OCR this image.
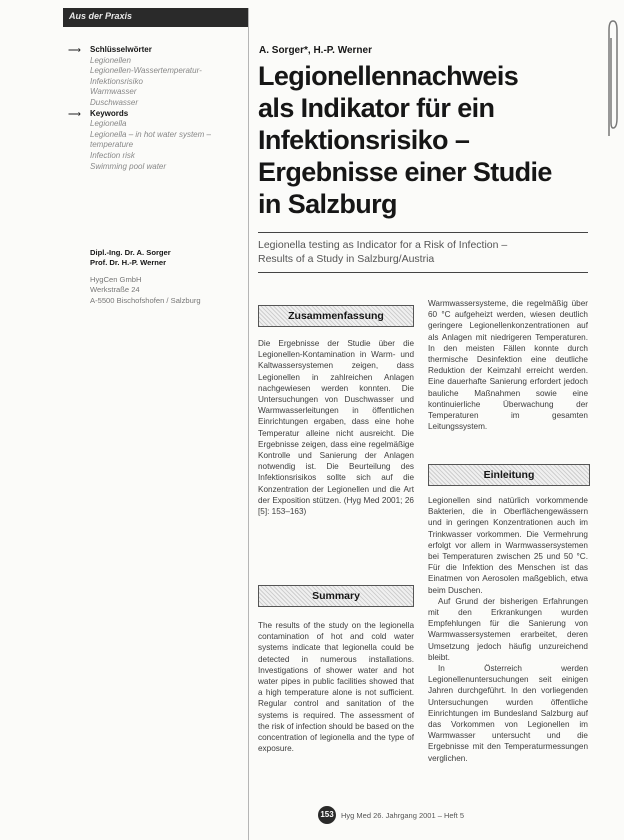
Aus der Praxis
⟶	Schlüsselwörter
Legionellen
Legionellen-Wassertemperatur-Infektionsrisiko
Warmwasser
Duschwasser
⟶	Keywords
Legionella
Legionella – in hot water system – temperature
Infection risk
Swimming pool water
Dipl.-Ing. Dr. A. Sorger
Prof. Dr. H.-P. Werner
HygCen GmbH
Werkstraße 24
A-5500 Bischofshofen / Salzburg
A. Sorger*, H.-P. Werner
Legionellennachweis
als Indikator für ein
Infektionsrisiko –
Ergebnisse einer Studie
in Salzburg
Legionella testing as Indicator for a Risk of Infection –
Results of a Study in Salzburg/Austria
Zusammenfassung

Die Ergebnisse der Studie über die Legionellen-Kontamination in Warm- und Kaltwassersystemen zeigen, dass Legionellen in zahlreichen Anlagen nachgewiesen werden konnten. Die Untersuchungen von Duschwasser und Warmwasserleitungen in öffentlichen Einrichtungen ergaben, dass eine hohe Temperatur alleine nicht ausreicht. Die Ergebnisse zeigen, dass eine regelmäßige Kontrolle und Sanierung der Anlagen notwendig ist. Die Beurteilung des Infektionsrisikos sollte sich auf die Konzentration der Legionellen und die Art der Exposition stützen. (Hyg Med 2001; 26 [5]: 153–163)

Summary

The results of the study on the legionella contamination of hot and cold water systems indicate that legionella could be detected in numerous installations. Investigations of shower water and hot water pipes in public facilities showed that a high temperature alone is not sufficient. Regular control and sanitation of the systems is required. The assessment of the risk of infection should be based on the concentration of legionella and the type of exposure.

Warmwassersysteme, die regelmäßig über 60 °C aufgeheizt werden, wiesen deutlich geringere Legionellenkonzentrationen auf als Anlagen mit niedrigeren Temperaturen. In den meisten Fällen konnte durch thermische Desinfektion eine deutliche Reduktion der Keimzahl erreicht werden. Eine dauerhafte Sanierung erfordert jedoch bauliche Maßnahmen sowie eine kontinuierliche Überwachung der Temperaturen im gesamten Leitungssystem.

Einleitung

Legionellen sind natürlich vorkommende Bakterien, die in Oberflächengewässern und in geringen Konzentrationen auch im Trinkwasser vorkommen. Die Vermehrung erfolgt vor allem in Warmwassersystemen bei Temperaturen zwischen 25 und 50 °C. Für die Infektion des Menschen ist das Einatmen von Aerosolen maßgeblich, etwa beim Duschen.

Auf Grund der bisherigen Erfahrungen mit den Erkrankungen wurden Empfehlungen für die Sanierung von Warmwassersystemen erarbeitet, deren Umsetzung jedoch häufig unzureichend bleibt.

In Österreich werden Legionellenuntersuchungen seit einigen Jahren durchgeführt. In den vorliegenden Untersuchungen wurden öffentliche Einrichtungen im Bundesland Salzburg auf das Vorkommen von Legionellen im Warmwasser untersucht und die Ergebnisse mit den Temperaturmessungen verglichen.

153 Hyg Med 26. Jahrgang 2001 – Heft 5
